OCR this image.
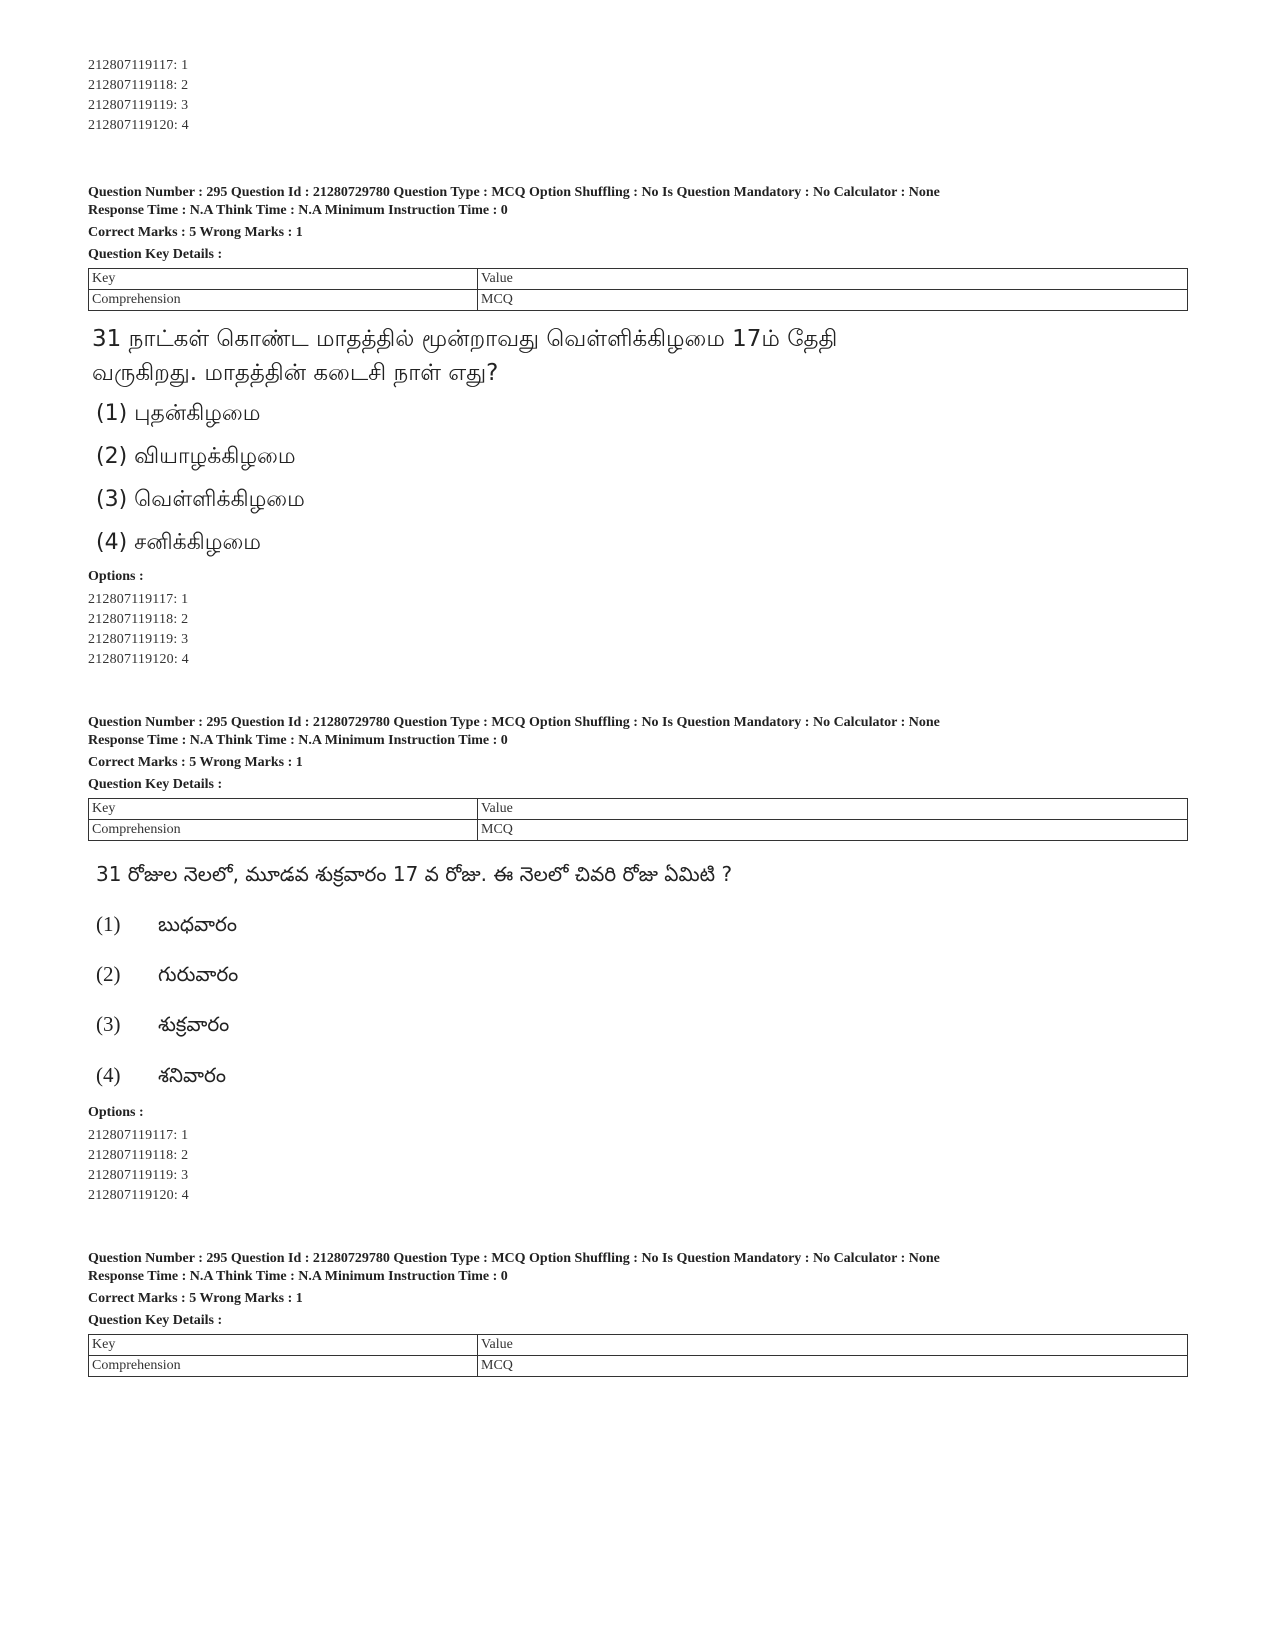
212807119117: 1
212807119118: 2
212807119119: 3
212807119120: 4
Question Number : 295 Question Id : 21280729780 Question Type : MCQ Option Shuffling : No Is Question Mandatory : No Calculator : None
Response Time : N.A Think Time : N.A Minimum Instruction Time : 0
Correct Marks : 5 Wrong Marks : 1
Question Key Details :
Key	Value
Comprehension	MCQ
31 நாட்கள் கொண்ட மாதத்தில் மூன்றாவது வெள்ளிக்கிழமை 17ம் தேதி
வருகிறது. மாதத்தின் கடைசி நாள் எது?
(1) புதன்கிழமை
(2) வியாழக்கிழமை
(3) வெள்ளிக்கிழமை
(4) சனிக்கிழமை
Options :
212807119117: 1
212807119118: 2
212807119119: 3
212807119120: 4
Question Number : 295 Question Id : 21280729780 Question Type : MCQ Option Shuffling : No Is Question Mandatory : No Calculator : None
Response Time : N.A Think Time : N.A Minimum Instruction Time : 0
Correct Marks : 5 Wrong Marks : 1
Question Key Details :
Key	Value
Comprehension	MCQ
31 రోజుల నెలలో, మూడవ శుక్రవారం 17 వ రోజు. ఈ నెలలో చివరి రోజు ఏమిటి ?
(1) బుధవారం
(2) గురువారం
(3) శుక్రవారం
(4) శనివారం
Options :
212807119117: 1
212807119118: 2
212807119119: 3
212807119120: 4
Question Number : 295 Question Id : 21280729780 Question Type : MCQ Option Shuffling : No Is Question Mandatory : No Calculator : None
Response Time : N.A Think Time : N.A Minimum Instruction Time : 0
Correct Marks : 5 Wrong Marks : 1
Question Key Details :
Key	Value
Comprehension	MCQ
